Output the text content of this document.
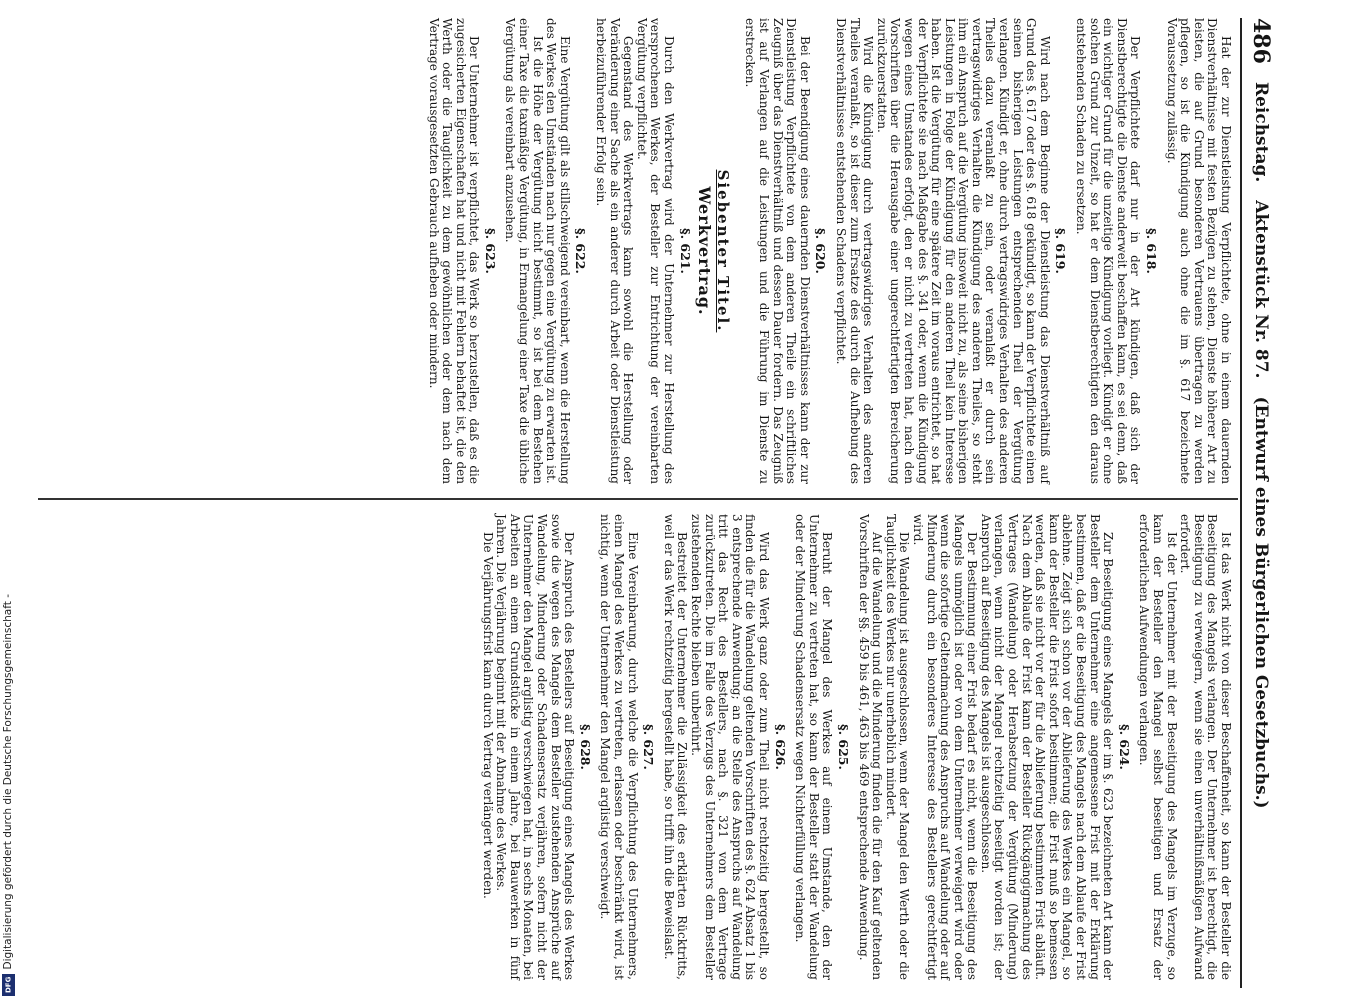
486
Reichstag.
Aktenstück Nr. 87.
(Entwurf eines Bürgerlichen Gesetzbuchs.)

Hat der zur Dienstleistung Verpflichtete, ohne in einem dauernden Dienstverhältnisse mit festen Bezügen zu stehen, Dienste höherer Art zu leisten, die auf Grund besonderen Vertrauens übertragen zu werden pflegen, so ist die Kündigung auch ohne die im §. 617 bezeichnete Voraussetzung zulässig.

§. 618.

Der Verpflichtete darf nur in der Art kündigen, daß sich der Dienstberechtigte die Dienste anderweit beschaffen kann, es sei denn, daß ein wichtiger Grund für die unzeitige Kündigung vorliegt. Kündigt er ohne solchen Grund zur Unzeit, so hat er dem Dienstberechtigten den daraus entstehenden Schaden zu ersetzen.

§. 619.

Wird nach dem Beginne der Dienstleistung das Dienstverhältniß auf Grund des §. 617 oder des §. 618 gekündigt, so kann der Verpflichtete einen seinen bisherigen Leistungen entsprechenden Theil der Vergütung verlangen. Kündigt er, ohne durch vertragswidriges Verhalten des anderen Theiles dazu veranlaßt zu sein, oder veranlaßt er durch sein vertragswidriges Verhalten die Kündigung des anderen Theiles, so steht ihm ein Anspruch auf die Vergütung insoweit nicht zu, als seine bisherigen Leistungen in Folge der Kündigung für den anderen Theil kein Interesse haben. Ist die Vergütung für eine spätere Zeit im voraus entrichtet, so hat der Verpflichtete sie nach Maßgabe des §. 341 oder, wenn die Kündigung wegen eines Umstandes erfolgt, den er nicht zu vertreten hat, nach den Vorschriften über die Herausgabe einer ungerechtfertigten Bereicherung zurückzuerstatten.

Wird die Kündigung durch vertragswidriges Verhalten des anderen Theiles veranlaßt, so ist dieser zum Ersatze des durch die Aufhebung des Dienstverhältnisses entstehenden Schadens verpflichtet.

§. 620.

Bei der Beendigung eines dauernden Dienstverhältnisses kann der zur Dienstleistung Verpflichtete von dem anderen Theile ein schriftliches Zeugniß über das Dienstverhältniß und dessen Dauer fordern. Das Zeugniß ist auf Verlangen auf die Leistungen und die Führung im Dienste zu erstrecken.

Siebenter Titel.
Werkvertrag.
§. 621.

Durch den Werkvertrag wird der Unternehmer zur Herstellung des versprochenen Werkes, der Besteller zur Entrichtung der vereinbarten Vergütung verpflichtet.

Gegenstand des Werkvertrags kann sowohl die Herstellung oder Veränderung einer Sache als ein anderer durch Arbeit oder Dienstleistung herbeizuführender Erfolg sein.

§. 622.

Eine Vergütung gilt als stillschweigend vereinbart, wenn die Herstellung des Werkes den Umständen nach nur gegen eine Vergütung zu erwarten ist.

Ist die Höhe der Vergütung nicht bestimmt, so ist bei dem Bestehen einer Taxe die taxmäßige Vergütung, in Ermangelung einer Taxe die übliche Vergütung als vereinbart anzusehen.

§. 623.

Der Unternehmer ist verpflichtet, das Werk so herzustellen, daß es die zugesicherten Eigenschaften hat und nicht mit Fehlern behaftet ist, die den Werth oder die Tauglichkeit zu dem gewöhnlichen oder dem nach dem Vertrage vorausgesetzten Gebrauch aufheben oder mindern.

Ist das Werk nicht von dieser Beschaffenheit, so kann der Besteller die Beseitigung des Mangels verlangen. Der Unternehmer ist berechtigt, die Beseitigung zu verweigern, wenn sie einen unverhältnißmäßigen Aufwand erfordert.

Ist der Unternehmer mit der Beseitigung des Mangels im Verzuge, so kann der Besteller den Mangel selbst beseitigen und Ersatz der erforderlichen Aufwendungen verlangen.

§. 624.

Zur Beseitigung eines Mangels der im §. 623 bezeichneten Art kann der Besteller dem Unternehmer eine angemessene Frist mit der Erklärung bestimmen, daß er die Beseitigung des Mangels nach dem Ablaufe der Frist ablehne. Zeigt sich schon vor der Ablieferung des Werkes ein Mangel, so kann der Besteller die Frist sofort bestimmen; die Frist muß so bemessen werden, daß sie nicht vor der für die Ablieferung bestimmten Frist abläuft. Nach dem Ablaufe der Frist kann der Besteller Rückgängigmachung des Vertrages (Wandelung) oder Herabsetzung der Vergütung (Minderung) verlangen, wenn nicht der Mangel rechtzeitig beseitigt worden ist; der Anspruch auf Beseitigung des Mangels ist ausgeschlossen.

Der Bestimmung einer Frist bedarf es nicht, wenn die Beseitigung des Mangels unmöglich ist oder von dem Unternehmer verweigert wird oder wenn die sofortige Geltendmachung des Anspruchs auf Wandelung oder auf Minderung durch ein besonderes Interesse des Bestellers gerechtfertigt wird.

Die Wandelung ist ausgeschlossen, wenn der Mangel den Werth oder die Tauglichkeit des Werkes nur unerheblich mindert.

Auf die Wandelung und die Minderung finden die für den Kauf geltenden Vorschriften der §§. 459 bis 461, 463 bis 469 entsprechende Anwendung.

§. 625.

Beruht der Mangel des Werkes auf einem Umstande, den der Unternehmer zu vertreten hat, so kann der Besteller statt der Wandelung oder der Minderung Schadensersatz wegen Nichterfüllung verlangen.

§. 626.

Wird das Werk ganz oder zum Theil nicht rechtzeitig hergestellt, so finden die für die Wandelung geltenden Vorschriften des §. 624 Absatz 1 bis 3 entsprechende Anwendung; an die Stelle des Anspruchs auf Wandelung tritt das Recht des Bestellers, nach §. 321 von dem Vertrage zurückzutreten. Die im Falle des Verzugs des Unternehmers dem Besteller zustehenden Rechte bleiben unberührt.

Bestreitet der Unternehmer die Zulässigkeit des erklärten Rücktritts, weil er das Werk rechtzeitig hergestellt habe, so trifft ihn die Beweislast.

§. 627.

Eine Vereinbarung, durch welche die Verpflichtung des Unternehmers, einen Mangel des Werkes zu vertreten, erlassen oder beschränkt wird, ist nichtig, wenn der Unternehmer den Mangel arglistig verschweigt.

§. 628.

Der Anspruch des Bestellers auf Beseitigung eines Mangels des Werkes sowie die wegen des Mangels dem Besteller zustehenden Ansprüche auf Wandelung, Minderung oder Schadensersatz verjähren, sofern nicht der Unternehmer den Mangel arglistig verschwiegen hat, in sechs Monaten, bei Arbeiten an einem Grundstücke in einem Jahre, bei Bauwerken in fünf Jahren. Die Verjährung beginnt mit der Abnahme des Werkes.

Die Verjährungsfrist kann durch Vertrag verlängert werden.

Digitalisierung gefördert durch die Deutsche Forschungsgemeinschaft -
DFG
